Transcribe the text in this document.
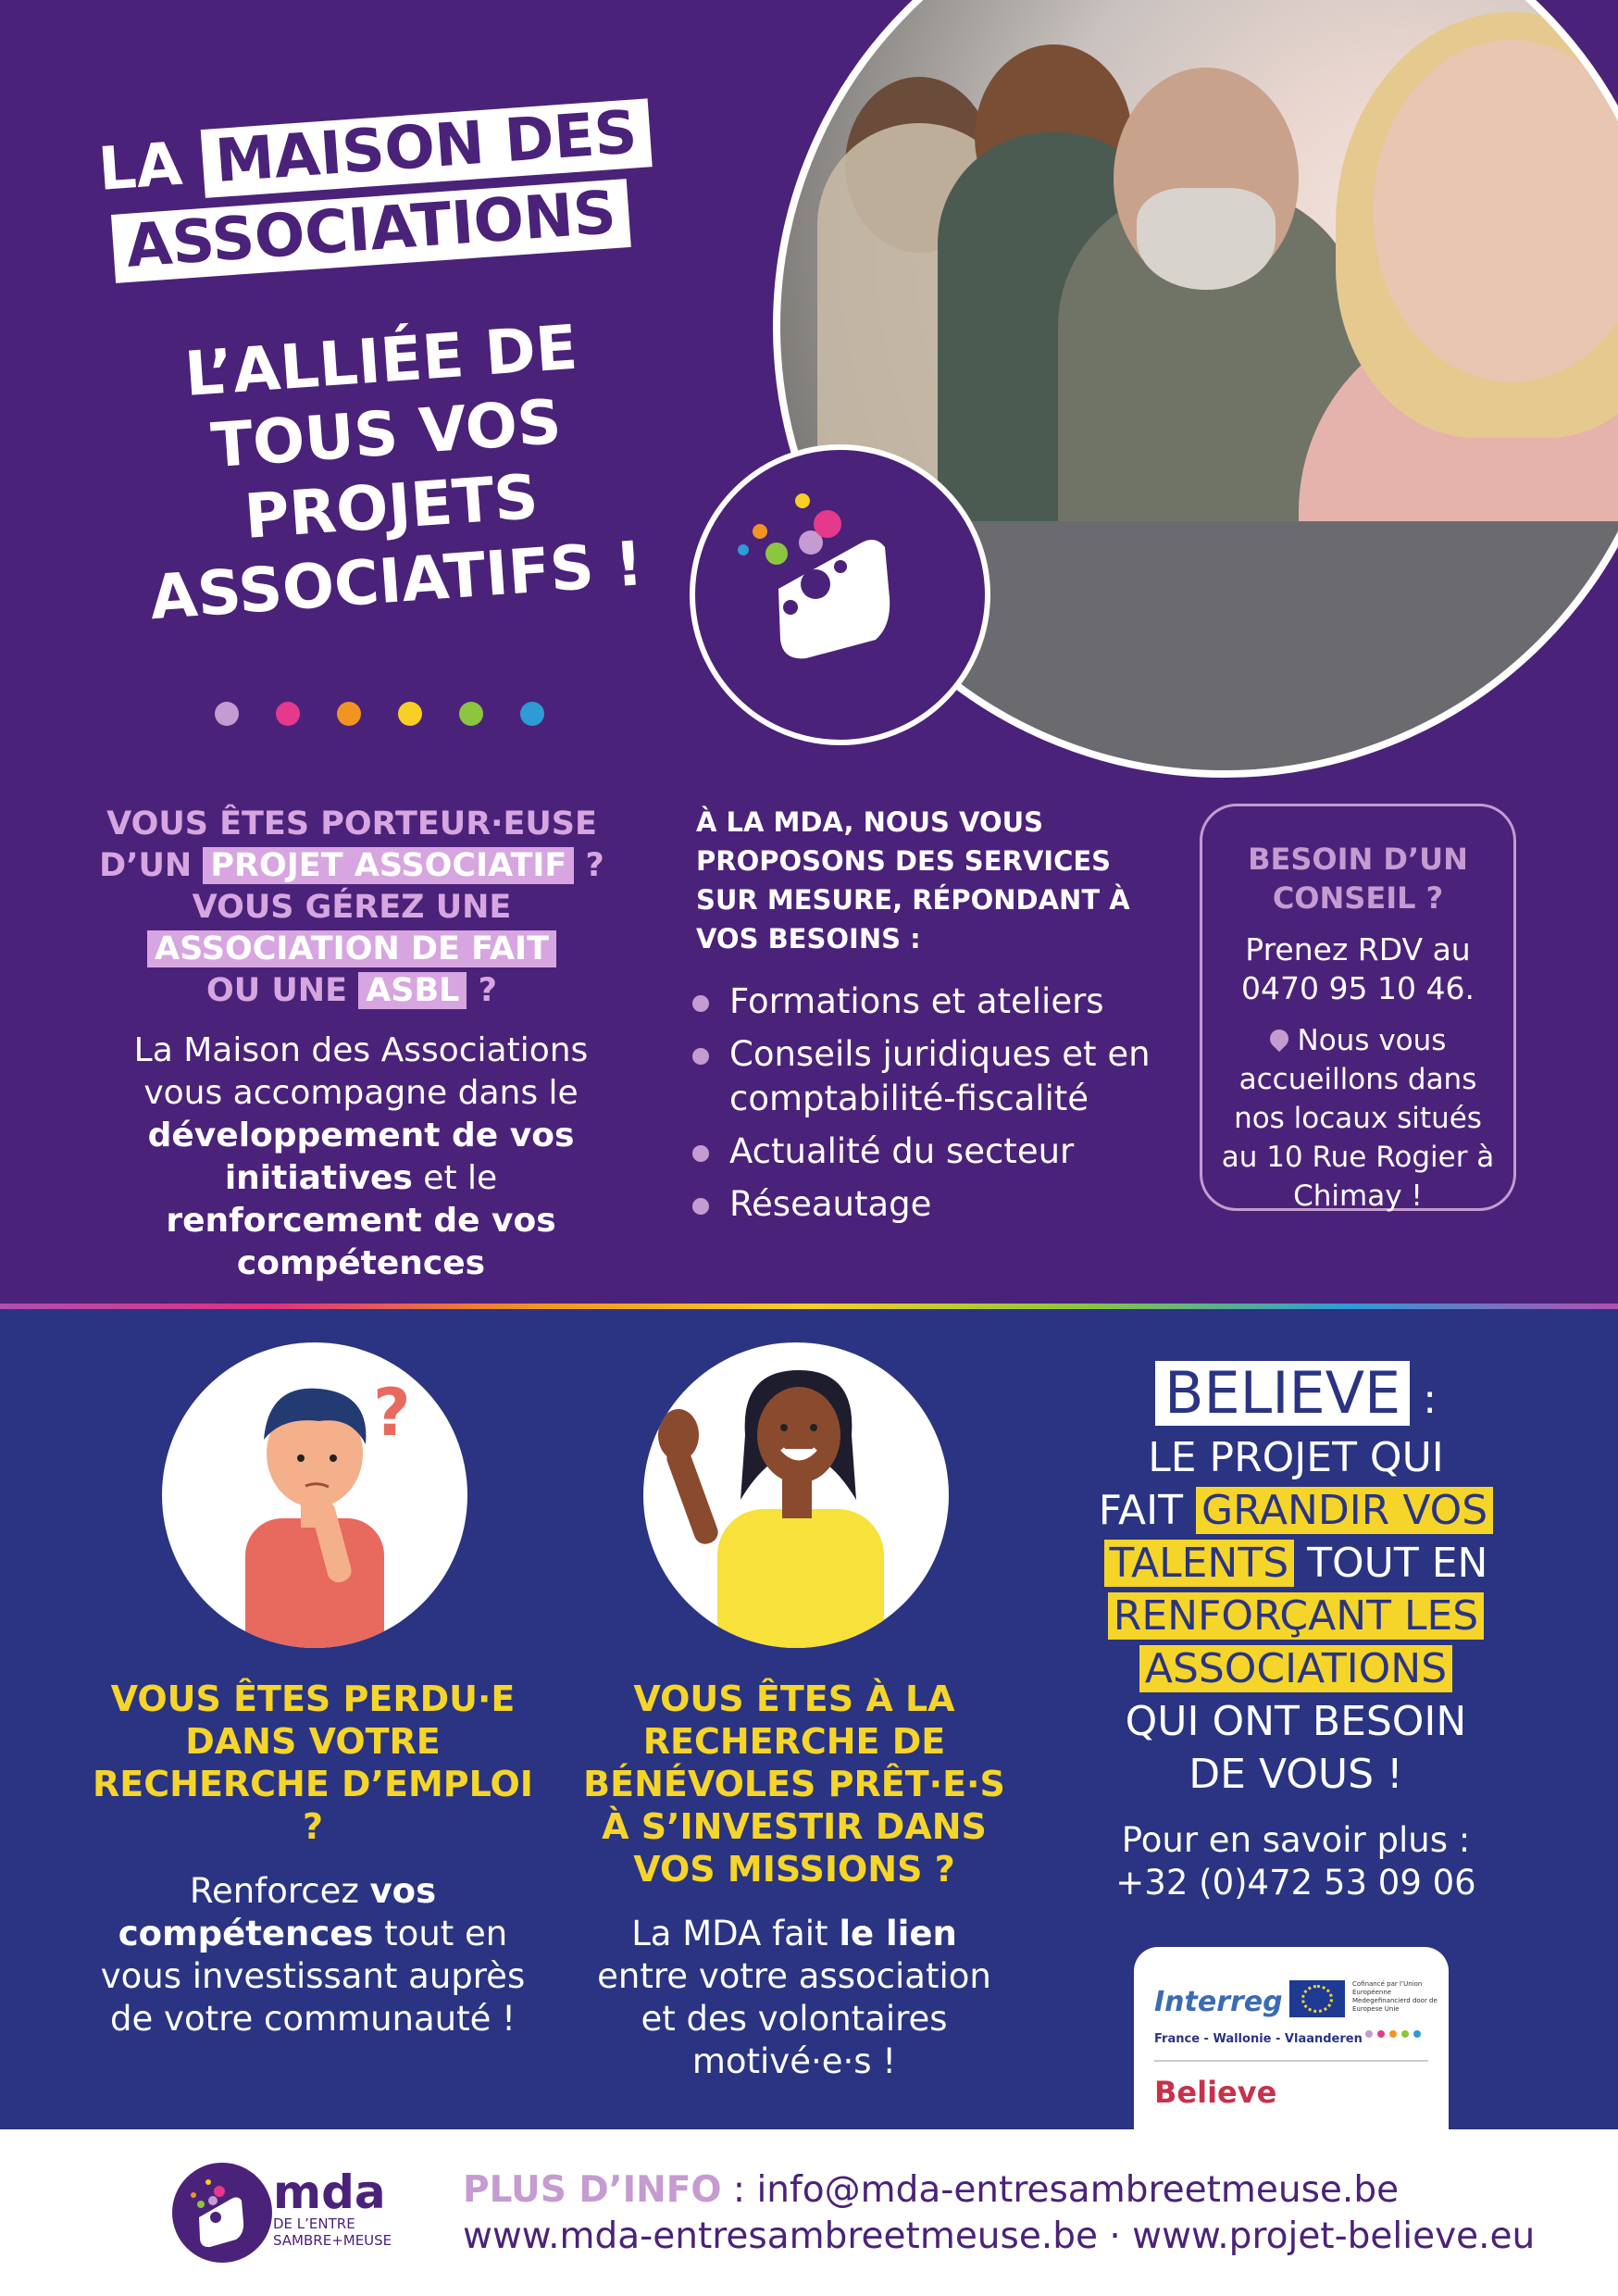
LA MAISON DES
ASSOCIATIONS
L’ALLIÉE DE TOUS VOS PROJETS ASSOCIATIFS !
VOUS ÊTES PORTEUR·EUSE
D’UN PROJET ASSOCIATIF ?
VOUS GÉREZ UNE
ASSOCIATION DE FAIT
OU UNE ASBL ?
La Maison des Associations vous accompagne dans le développement de vos initiatives et le renforcement de vos compétences
À LA MDA, NOUS VOUS PROPOSONS DES SERVICES SUR MESURE, RÉPONDANT À VOS BESOINS :
Formations et ateliers
Conseils juridiques et en comptabilité-fiscalité
Actualité du secteur
Réseautage
BESOIN D’UN CONSEIL ?
Prenez RDV au 0470 95 10 46.
Nous vous accueillons dans nos locaux situés au 10 Rue Rogier à Chimay !
?
VOUS ÊTES PERDU·E DANS VOTRE RECHERCHE D’EMPLOI ?
Renforcez vos compétences tout en vous investissant auprès de votre communauté !
VOUS ÊTES À LA RECHERCHE DE BÉNÉVOLES PRÊT·E·S À S’INVESTIR DANS VOS MISSIONS ?
La MDA fait le lien entre votre association et des volontaires motivé·e·s !
BELIEVE :
LE PROJET QUI
FAIT GRANDIR VOS
TALENTS TOUT EN
RENFORÇANT LES
ASSOCIATIONS
QUI ONT BESOIN
DE VOUS !
Pour en savoir plus :
+32 (0)472 53 09 06
Interreg
Cofinancé par l’Union Européenne Medegefinancierd door de Europese Unie
France - Wallonie - Vlaanderen
Believe
mda
DE L’ENTRE
SAMBRE+MEUSE
PLUS D’INFO : info@mda-entresambreetmeuse.be
www.mda-entresambreetmeuse.be · www.projet-believe.eu
